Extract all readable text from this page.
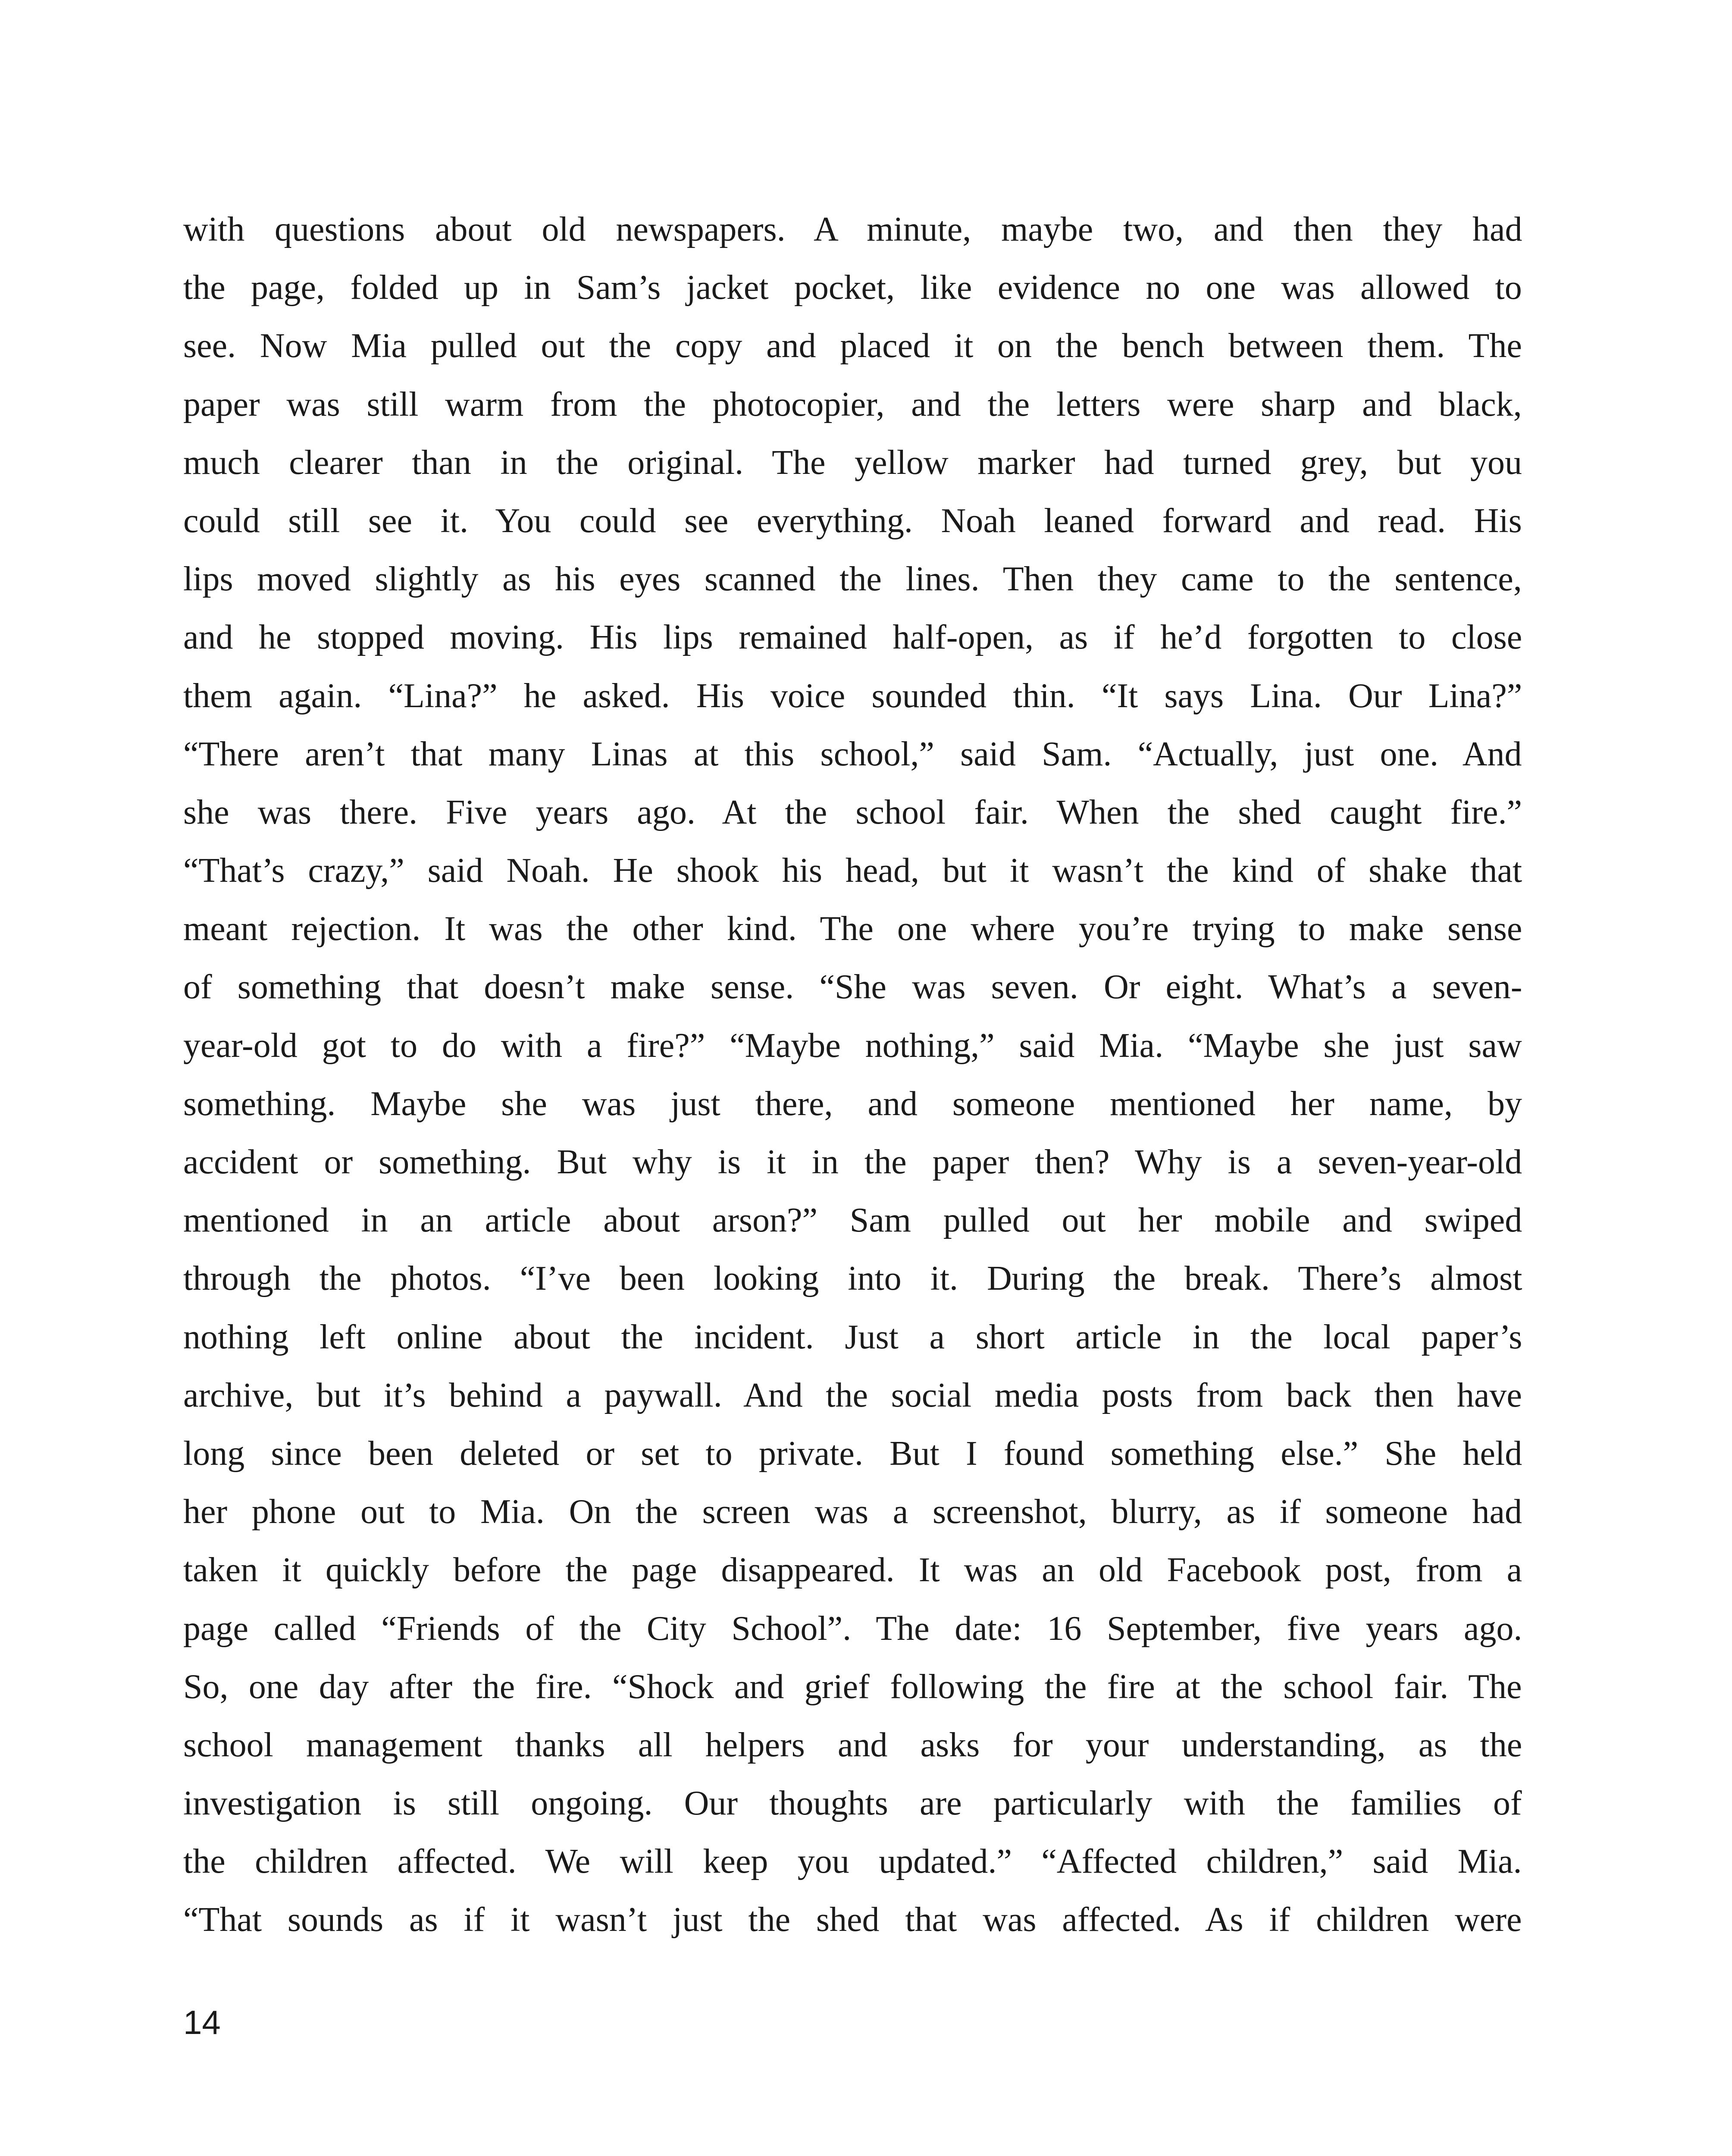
with questions about old newspapers. A minute, maybe two, and then they had
the page, folded up in Sam’s jacket pocket, like evidence no one was allowed to
see. Now Mia pulled out the copy and placed it on the bench between them. The
paper was still warm from the photocopier, and the letters were sharp and black,
much clearer than in the original. The yellow marker had turned grey, but you
could still see it. You could see everything. Noah leaned forward and read. His
lips moved slightly as his eyes scanned the lines. Then they came to the sentence,
and he stopped moving. His lips remained half-open, as if he’d forgotten to close
them again. “Lina?” he asked. His voice sounded thin. “It says Lina. Our Lina?”
“There aren’t that many Linas at this school,” said Sam. “Actually, just one. And
she was there. Five years ago. At the school fair. When the shed caught fire.”
“That’s crazy,” said Noah. He shook his head, but it wasn’t the kind of shake that
meant rejection. It was the other kind. The one where you’re trying to make sense
of something that doesn’t make sense. “She was seven. Or eight. What’s a seven-
year-old got to do with a fire?” “Maybe nothing,” said Mia. “Maybe she just saw
something. Maybe she was just there, and someone mentioned her name, by
accident or something. But why is it in the paper then? Why is a seven-year-old
mentioned in an article about arson?” Sam pulled out her mobile and swiped
through the photos. “I’ve been looking into it. During the break. There’s almost
nothing left online about the incident. Just a short article in the local paper’s
archive, but it’s behind a paywall. And the social media posts from back then have
long since been deleted or set to private. But I found something else.” She held
her phone out to Mia. On the screen was a screenshot, blurry, as if someone had
taken it quickly before the page disappeared. It was an old Facebook post, from a
page called “Friends of the City School”. The date: 16 September, five years ago.
So, one day after the fire. “Shock and grief following the fire at the school fair. The
school management thanks all helpers and asks for your understanding, as the
investigation is still ongoing. Our thoughts are particularly with the families of
the children affected. We will keep you updated.” “Affected children,” said Mia.
“That sounds as if it wasn’t just the shed that was affected. As if children were
14
